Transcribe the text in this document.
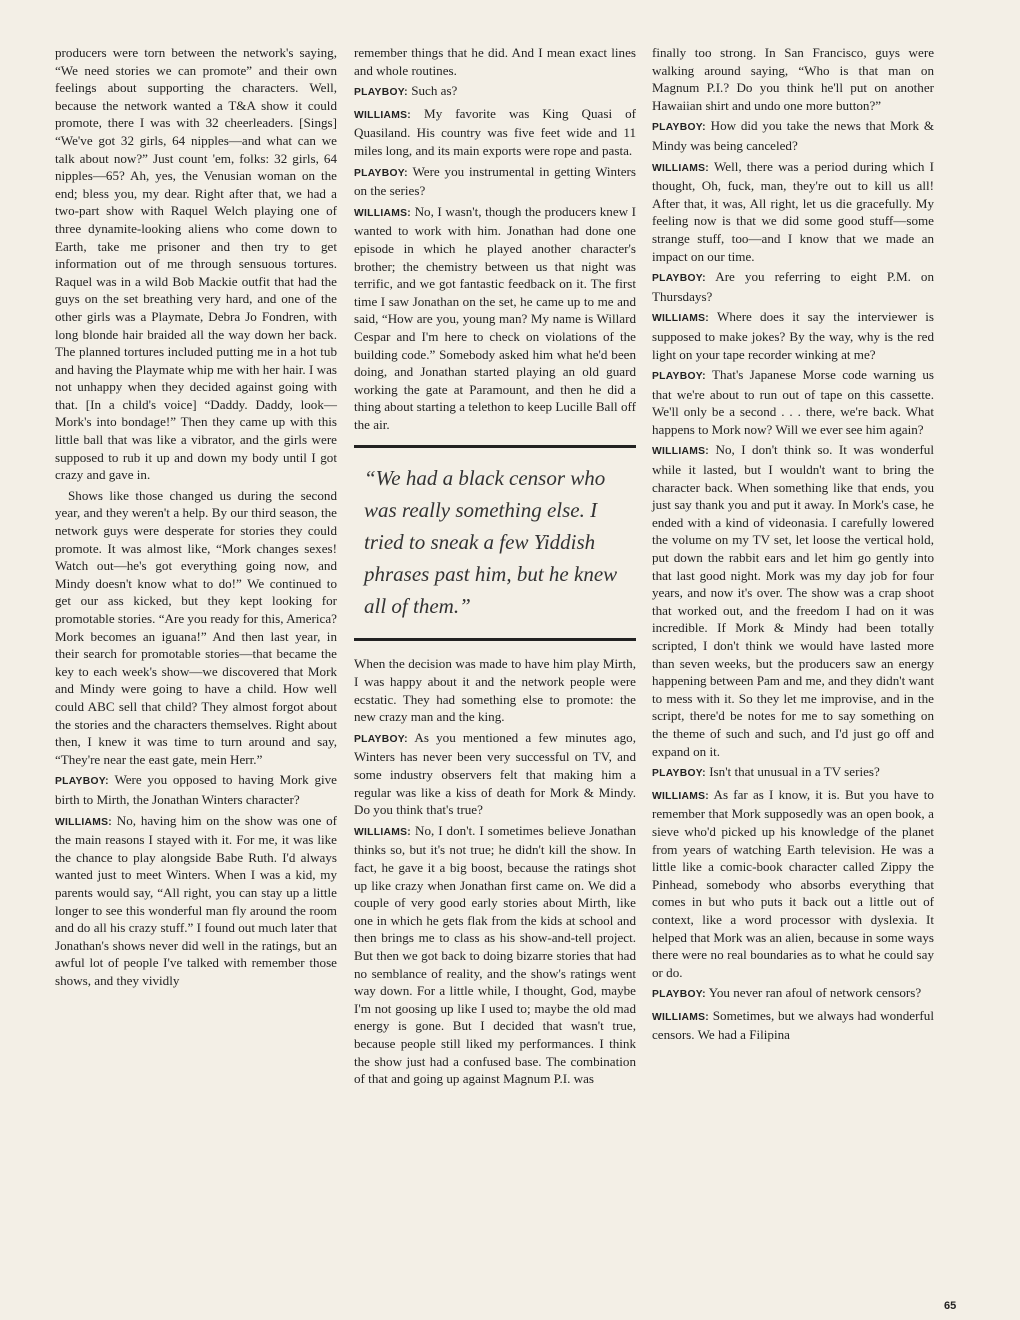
producers were torn between the network's saying, “We need stories we can promote” and their own feelings about supporting the characters. Well, because the network wanted a T&A show it could promote, there I was with 32 cheerleaders. [Sings] “We've got 32 girls, 64 nipples—and what can we talk about now?” Just count 'em, folks: 32 girls, 64 nipples—65? Ah, yes, the Venusian woman on the end; bless you, my dear. Right after that, we had a two-part show with Raquel Welch playing one of three dynamite-looking aliens who come down to Earth, take me prisoner and then try to get information out of me through sensuous tortures. Raquel was in a wild Bob Mackie outfit that had the guys on the set breathing very hard, and one of the other girls was a Playmate, Debra Jo Fondren, with long blonde hair braided all the way down her back. The planned tortures included putting me in a hot tub and having the Playmate whip me with her hair. I was not unhappy when they decided against going with that. [In a child's voice] “Daddy. Daddy, look—Mork's into bondage!” Then they came up with this little ball that was like a vibrator, and the girls were supposed to rub it up and down my body until I got crazy and gave in.

Shows like those changed us during the second year, and they weren't a help. By our third season, the network guys were desperate for stories they could promote. It was almost like, “Mork changes sexes! Watch out—he's got everything going now, and Mindy doesn't know what to do!” We continued to get our ass kicked, but they kept looking for promotable stories. “Are you ready for this, America? Mork becomes an iguana!” And then last year, in their search for promotable stories—that became the key to each week's show—we discovered that Mork and Mindy were going to have a child. How well could ABC sell that child? They almost forgot about the stories and the characters themselves. Right about then, I knew it was time to turn around and say, “They're near the east gate, mein Herr.”

PLAYBOY: Were you opposed to having Mork give birth to Mirth, the Jonathan Winters character?

WILLIAMS: No, having him on the show was one of the main reasons I stayed with it. For me, it was like the chance to play alongside Babe Ruth. I'd always wanted just to meet Winters. When I was a kid, my parents would say, “All right, you can stay up a little longer to see this wonderful man fly around the room and do all his crazy stuff.” I found out much later that Jonathan's shows never did well in the ratings, but an awful lot of people I've talked with remember those shows, and they vividly

remember things that he did. And I mean exact lines and whole routines.

PLAYBOY: Such as?

WILLIAMS: My favorite was King Quasi of Quasiland. His country was five feet wide and 11 miles long, and its main exports were rope and pasta.

PLAYBOY: Were you instrumental in getting Winters on the series?

WILLIAMS: No, I wasn't, though the producers knew I wanted to work with him. Jonathan had done one episode in which he played another character's brother; the chemistry between us that night was terrific, and we got fantastic feedback on it. The first time I saw Jonathan on the set, he came up to me and said, “How are you, young man? My name is Willard Cespar and I'm here to check on violations of the building code.” Somebody asked him what he'd been doing, and Jonathan started playing an old guard working the gate at Paramount, and then he did a thing about starting a telethon to keep Lucille Ball off the air.

“We had a black censor who was really something else. I tried to sneak a few Yiddish phrases past him, but he knew all of them.”

When the decision was made to have him play Mirth, I was happy about it and the network people were ecstatic. They had something else to promote: the new crazy man and the king.

PLAYBOY: As you mentioned a few minutes ago, Winters has never been very successful on TV, and some industry observers felt that making him a regular was like a kiss of death for Mork & Mindy. Do you think that's true?

WILLIAMS: No, I don't. I sometimes believe Jonathan thinks so, but it's not true; he didn't kill the show. In fact, he gave it a big boost, because the ratings shot up like crazy when Jonathan first came on. We did a couple of very good early stories about Mirth, like one in which he gets flak from the kids at school and then brings me to class as his show-and-tell project. But then we got back to doing bizarre stories that had no semblance of reality, and the show's ratings went way down. For a little while, I thought, God, maybe I'm not goosing up like I used to; maybe the old mad energy is gone. But I decided that wasn't true, because people still liked my performances. I think the show just had a confused base. The combination of that and going up against Magnum P.I. was

finally too strong. In San Francisco, guys were walking around saying, “Who is that man on Magnum P.I.? Do you think he'll put on another Hawaiian shirt and undo one more button?”

PLAYBOY: How did you take the news that Mork & Mindy was being canceled?

WILLIAMS: Well, there was a period during which I thought, Oh, fuck, man, they're out to kill us all! After that, it was, All right, let us die gracefully. My feeling now is that we did some good stuff—some strange stuff, too—and I know that we made an impact on our time.

PLAYBOY: Are you referring to eight P.M. on Thursdays?

WILLIAMS: Where does it say the interviewer is supposed to make jokes? By the way, why is the red light on your tape recorder winking at me?

PLAYBOY: That's Japanese Morse code warning us that we're about to run out of tape on this cassette. We'll only be a second . . . there, we're back. What happens to Mork now? Will we ever see him again?

WILLIAMS: No, I don't think so. It was wonderful while it lasted, but I wouldn't want to bring the character back. When something like that ends, you just say thank you and put it away. In Mork's case, he ended with a kind of videonasia. I carefully lowered the volume on my TV set, let loose the vertical hold, put down the rabbit ears and let him go gently into that last good night. Mork was my day job for four years, and now it's over. The show was a crap shoot that worked out, and the freedom I had on it was incredible. If Mork & Mindy had been totally scripted, I don't think we would have lasted more than seven weeks, but the producers saw an energy happening between Pam and me, and they didn't want to mess with it. So they let me improvise, and in the script, there'd be notes for me to say something on the theme of such and such, and I'd just go off and expand on it.

PLAYBOY: Isn't that unusual in a TV series?

WILLIAMS: As far as I know, it is. But you have to remember that Mork supposedly was an open book, a sieve who'd picked up his knowledge of the planet from years of watching Earth television. He was a little like a comic-book character called Zippy the Pinhead, somebody who absorbs everything that comes in but who puts it back out a little out of context, like a word processor with dyslexia. It helped that Mork was an alien, because in some ways there were no real boundaries as to what he could say or do.

PLAYBOY: You never ran afoul of network censors?

WILLIAMS: Sometimes, but we always had wonderful censors. We had a Filipina

65
